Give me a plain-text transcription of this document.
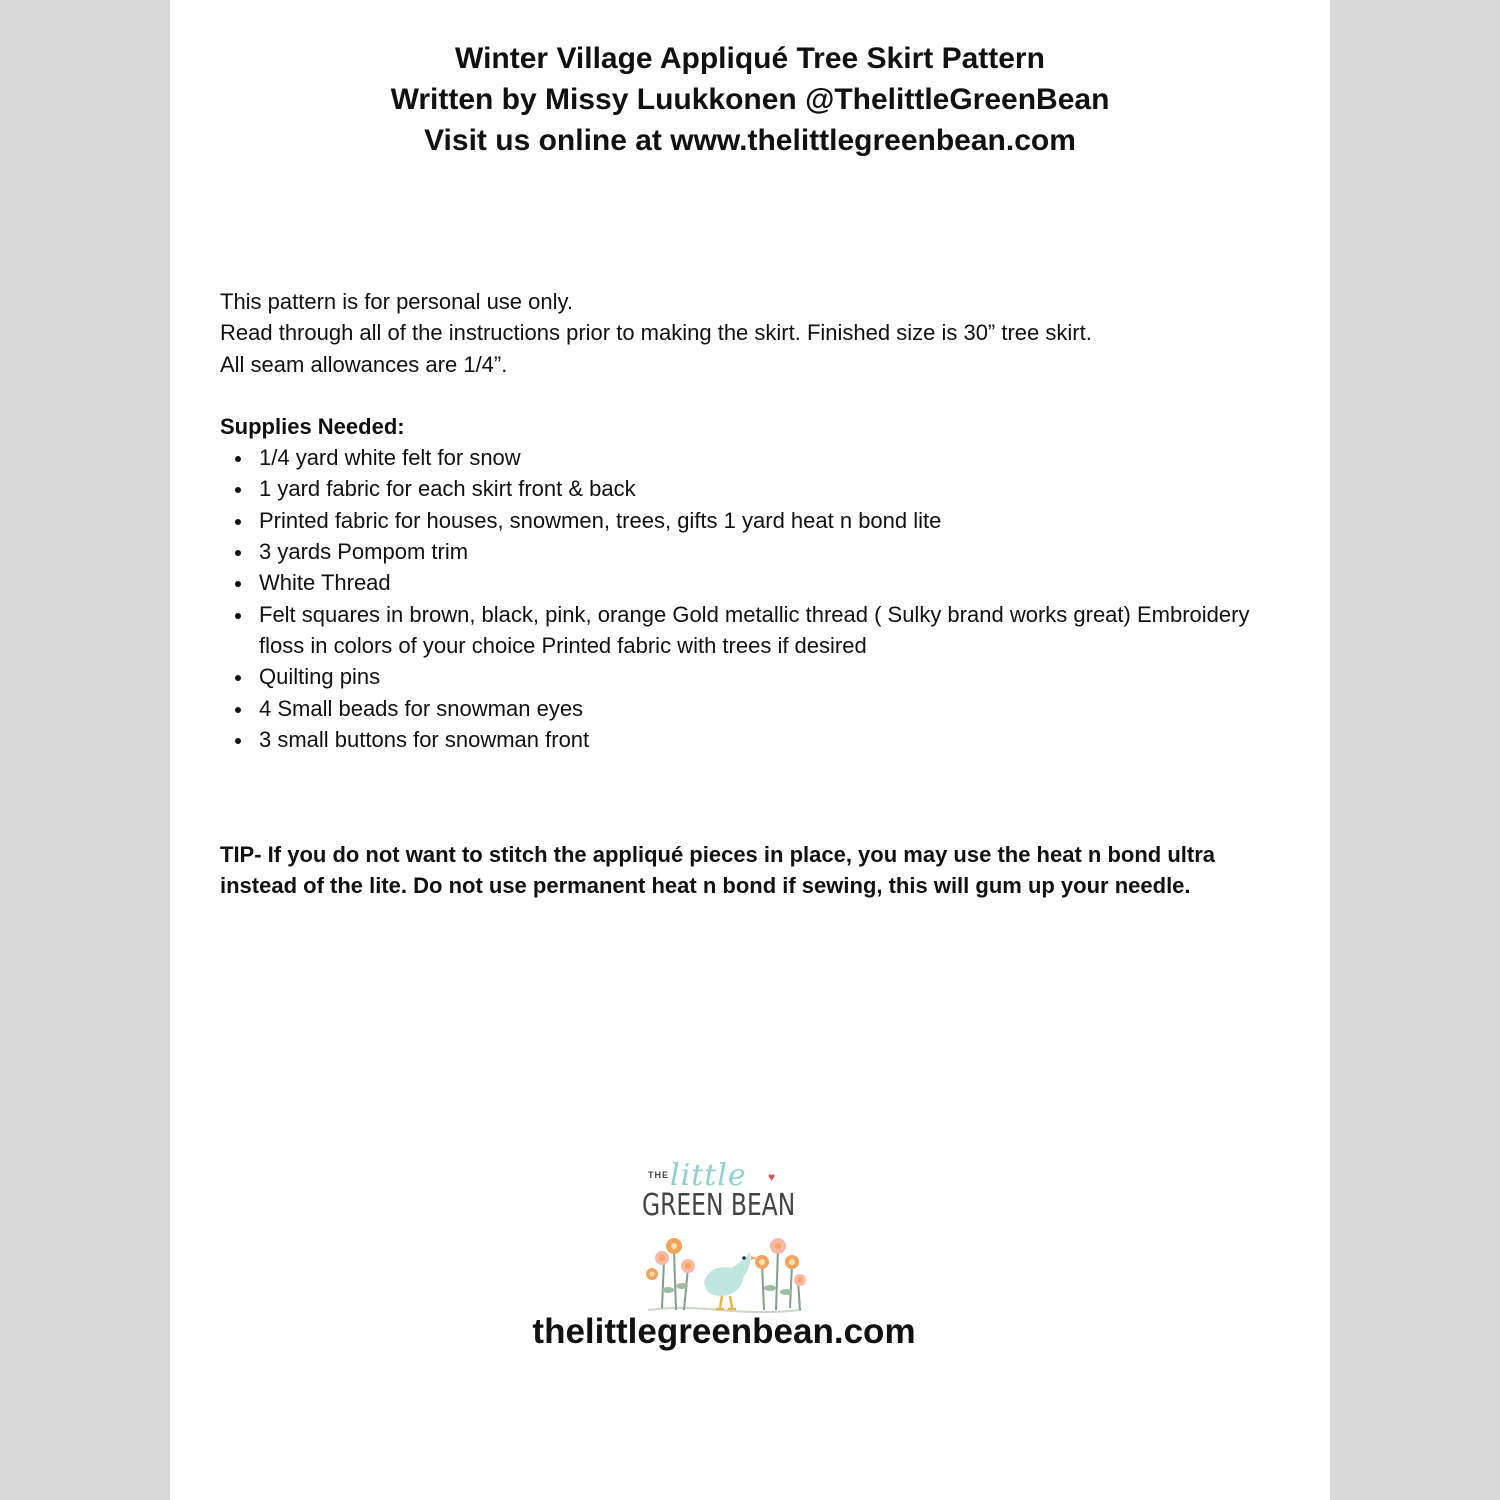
Winter Village Appliqué Tree Skirt Pattern
Written by Missy Luukkonen @ThelittleGreenBean
Visit us online at www.thelittlegreenbean.com

This pattern is for personal use only.

Read through all of the instructions prior to making the skirt. Finished size is 30” tree skirt.

All seam allowances are 1/4”.

Supplies Needed:

1/4 yard white felt for snow
1 yard fabric for each skirt front & back
Printed fabric for houses, snowmen, trees, gifts 1 yard heat n bond lite
3 yards Pompom trim
White Thread
Felt squares in brown, black, pink, orange Gold metallic thread ( Sulky brand works great) Embroidery floss in colors of your choice Printed fabric with trees if desired
Quilting pins
4 Small beads for snowman eyes
3 small buttons for snowman front

TIP- If you do not want to stitch the appliqué pieces in place, you may use the heat n bond ultra instead of the lite. Do not use permanent heat n bond if sewing, this will gum up your needle.

THE little ♥
GREEN BEAN
thelittlegreenbean.com
